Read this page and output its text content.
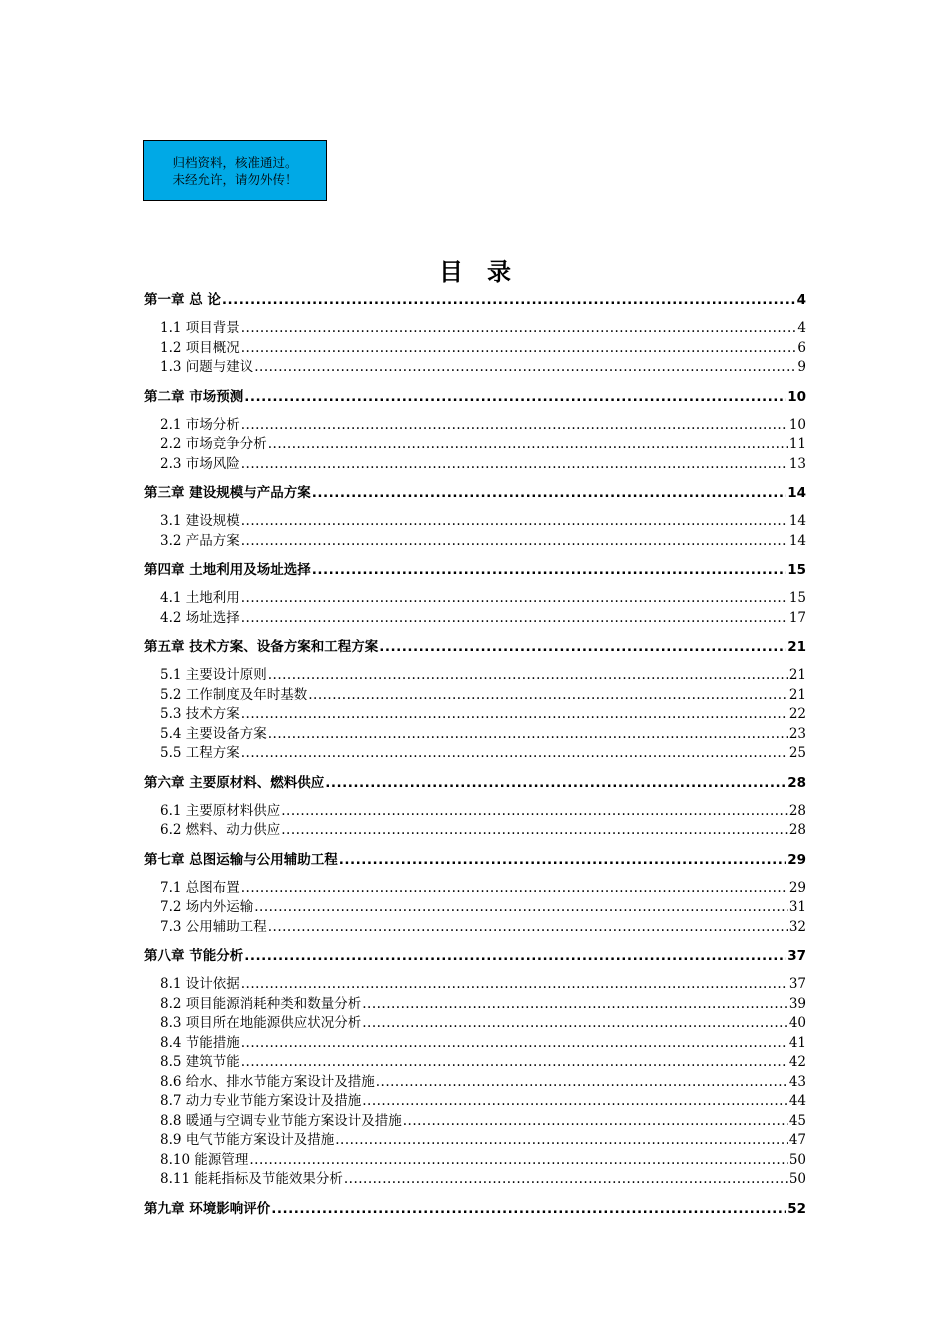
归档资料，核准通过。
未经允许，请勿外传！
目录
第一章 总 论 .....	4
1.1 项目背景 .....	4
1.2 项目概况 .....	6
1.3 问题与建议 .....	9
第二章 市场预测 .....	10
2.1 市场分析 .....	10
2.2 市场竞争分析 .....	11
2.3 市场风险 .....	13
第三章 建设规模与产品方案 .....	14
3.1 建设规模 .....	14
3.2 产品方案 .....	14
第四章 土地利用及场址选择 .....	15
4.1 土地利用 .....	15
4.2 场址选择 .....	17
第五章 技术方案、设备方案和工程方案 .....	21
5.1 主要设计原则 .....	21
5.2 工作制度及年时基数 .....	21
5.3 技术方案 .....	22
5.4 主要设备方案 .....	23
5.5 工程方案 .....	25
第六章 主要原材料、燃料供应 .....	28
6.1 主要原材料供应 .....	28
6.2 燃料、动力供应 .....	28
第七章 总图运输与公用辅助工程 .....	29
7.1 总图布置 .....	29
7.2 场内外运输 .....	31
7.3 公用辅助工程 .....	32
第八章 节能分析 .....	37
8.1 设计依据 .....	37
8.2 项目能源消耗种类和数量分析 .....	39
8.3 项目所在地能源供应状况分析 .....	40
8.4 节能措施 .....	41
8.5 建筑节能 .....	42
8.6 给水、排水节能方案设计及措施 .....	43
8.7 动力专业节能方案设计及措施 .....	44
8.8 暖通与空调专业节能方案设计及措施 .....	45
8.9 电气节能方案设计及措施 .....	47
8.10 能源管理 .....	50
8.11 能耗指标及节能效果分析 .....	50
第九章 环境影响评价 .....	52
